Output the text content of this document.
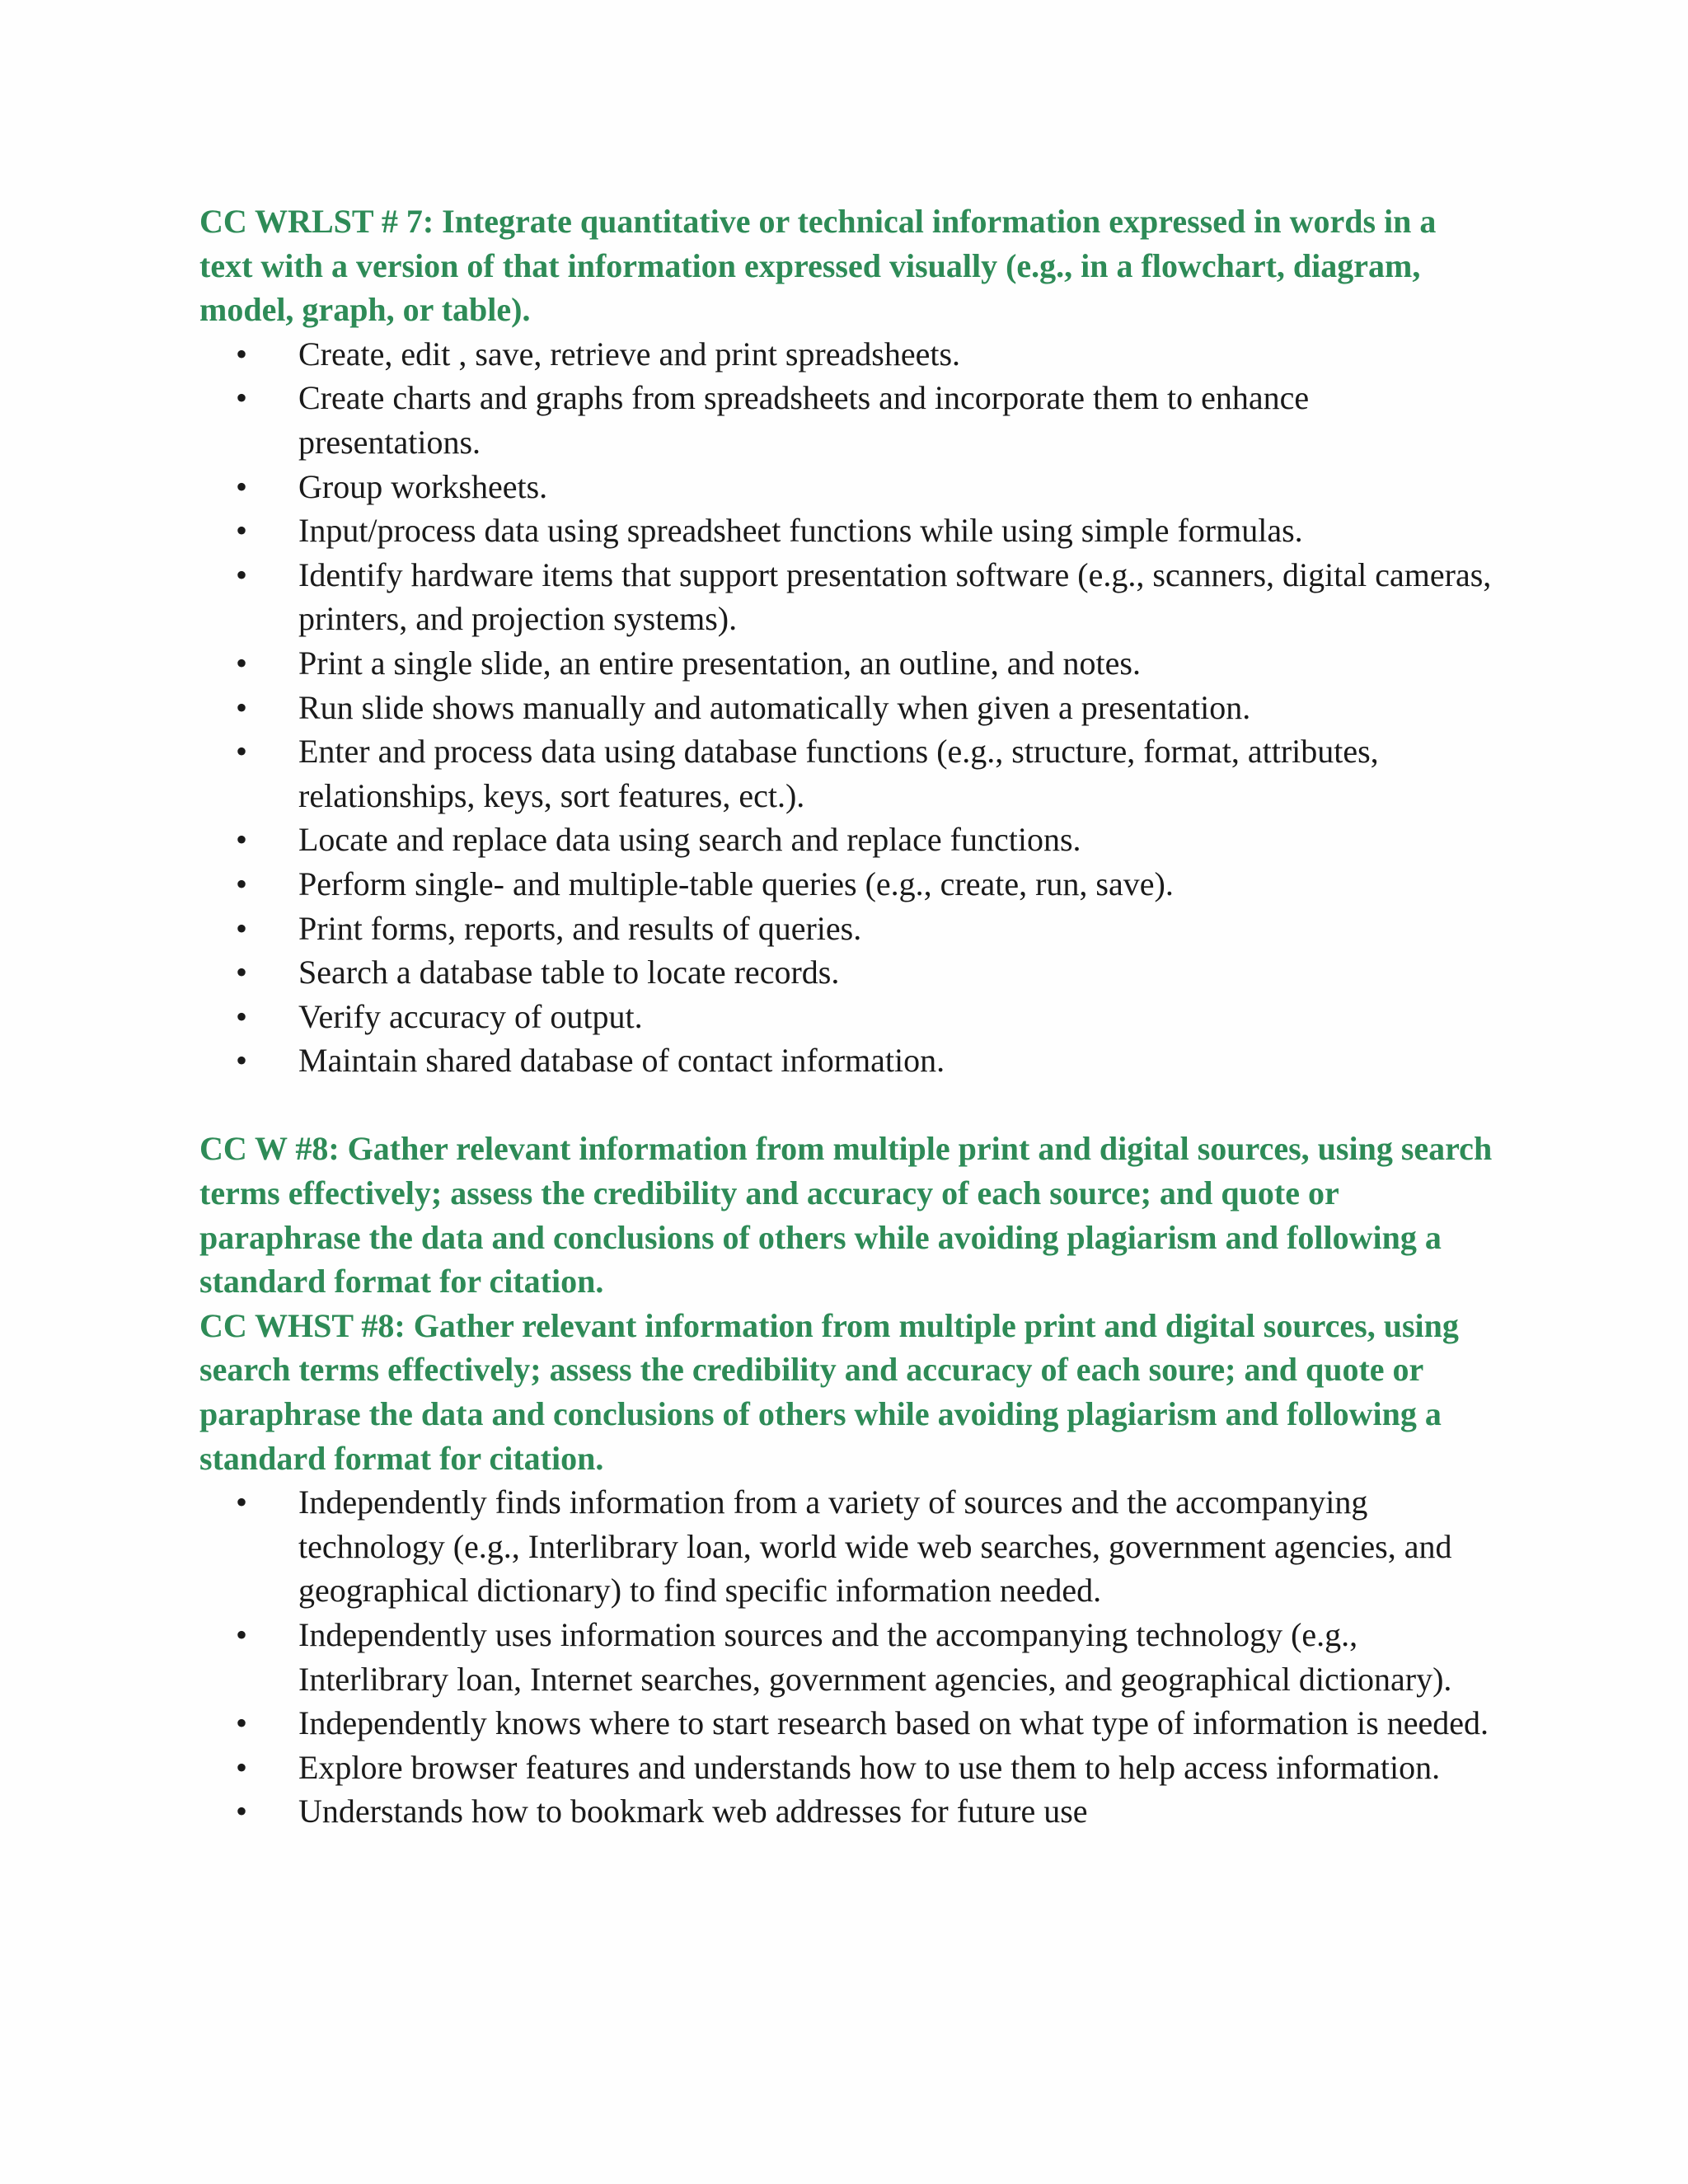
CC WRLST # 7: Integrate quantitative or technical information expressed in words in a text with a version of that information expressed visually (e.g., in a flowchart, diagram, model, graph, or table).

• Create, edit , save, retrieve and print spreadsheets.
• Create charts and graphs from spreadsheets and incorporate them to enhance presentations.
• Group worksheets.
• Input/process data using spreadsheet functions while using simple formulas.
• Identify hardware items that support presentation software (e.g., scanners, digital cameras, printers, and projection systems).
• Print a single slide, an entire presentation, an outline, and notes.
• Run slide shows manually and automatically when given a presentation.
• Enter and process data using database functions (e.g., structure, format, attributes, relationships, keys, sort features, ect.).
• Locate and replace data using search and replace functions.
• Perform single- and multiple-table queries (e.g., create, run, save).
• Print forms, reports, and results of queries.
• Search a database table to locate records.
• Verify accuracy of output.
• Maintain shared database of contact information.

CC W #8: Gather relevant information from multiple print and digital sources, using search terms effectively; assess the credibility and accuracy of each source; and quote or paraphrase the data and conclusions of others while avoiding plagiarism and following a standard format for citation.

CC WHST #8: Gather relevant information from multiple print and digital sources, using search terms effectively; assess the credibility and accuracy of each soure; and quote or paraphrase the data and conclusions of others while avoiding plagiarism and following a standard format for citation.

• Independently finds information from a variety of sources and the accompanying technology (e.g., Interlibrary loan, world wide web searches, government agencies, and geographical dictionary) to find specific information needed.
• Independently uses information sources and the accompanying technology (e.g., Interlibrary loan, Internet searches, government agencies, and geographical dictionary).
• Independently knows where to start research based on what type of information is needed.
• Explore browser features and understands how to use them to help access information.
• Understands how to bookmark web addresses for future use
